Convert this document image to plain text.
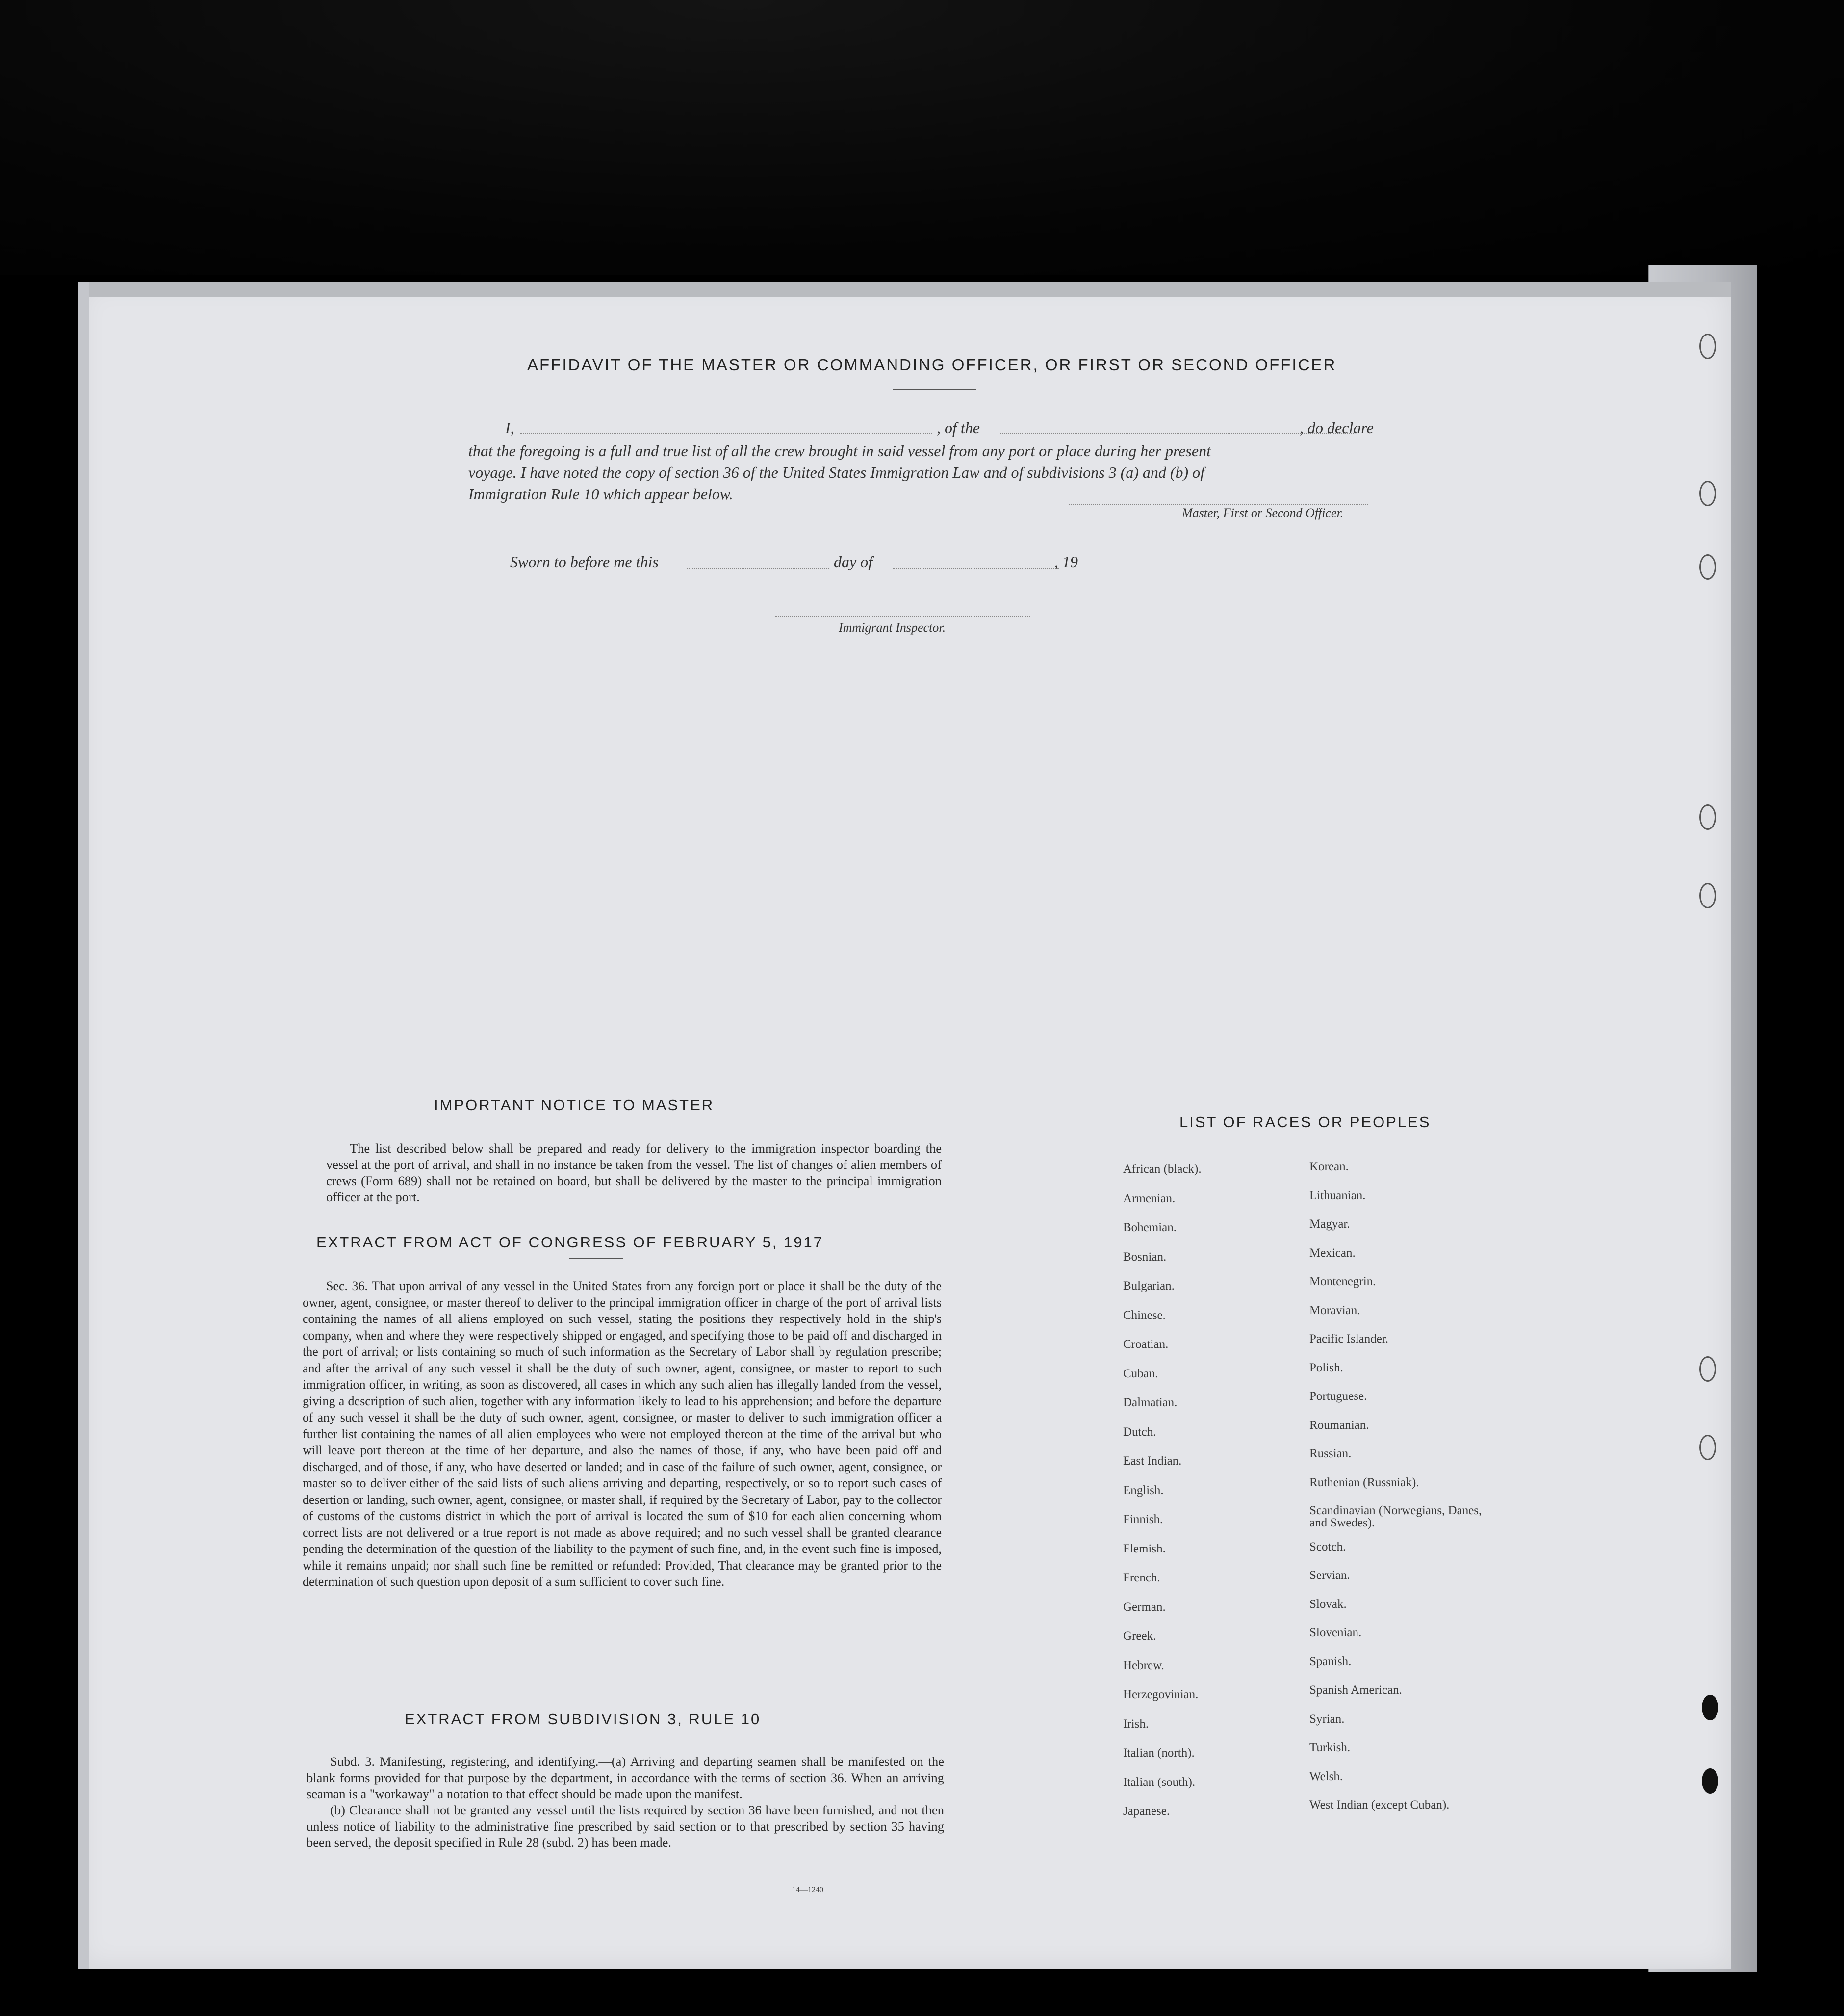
AFFIDAVIT OF THE MASTER OR COMMANDING OFFICER, OR FIRST OR SECOND OFFICER
I,	, of the	, do declare
that the foregoing is a full and true list of all the crew brought in said vessel from any port or place during her present
voyage. I have noted the copy of section 36 of the United States Immigration Law and of subdivisions 3 (a) and (b) of
Immigration Rule 10 which appear below.
Master, First or Second Officer.
Sworn to before me this	day of	, 19
Immigrant Inspector.
IMPORTANT NOTICE TO MASTER

The list described below shall be prepared and ready for delivery to the immigration inspector boarding the vessel at the port of arrival, and shall in no instance be taken from the vessel. The list of changes of alien members of crews (Form 689) shall not be retained on board, but shall be delivered by the master to the principal immigration officer at the port.

EXTRACT FROM ACT OF CONGRESS OF FEBRUARY 5, 1917

Sec. 36. That upon arrival of any vessel in the United States from any foreign port or place it shall be the duty of the owner, agent, consignee, or master thereof to deliver to the principal immigration officer in charge of the port of arrival lists containing the names of all aliens employed on such vessel, stating the positions they respectively hold in the ship's company, when and where they were respectively shipped or engaged, and specifying those to be paid off and discharged in the port of arrival; or lists containing so much of such information as the Secretary of Labor shall by regulation prescribe; and after the arrival of any such vessel it shall be the duty of such owner, agent, consignee, or master to report to such immigration officer, in writing, as soon as discovered, all cases in which any such alien has illegally landed from the vessel, giving a description of such alien, together with any information likely to lead to his apprehension; and before the departure of any such vessel it shall be the duty of such owner, agent, consignee, or master to deliver to such immigration officer a further list containing the names of all alien employees who were not employed thereon at the time of the arrival but who will leave port thereon at the time of her departure, and also the names of those, if any, who have been paid off and discharged, and of those, if any, who have deserted or landed; and in case of the failure of such owner, agent, consignee, or master so to deliver either of the said lists of such aliens arriving and departing, respectively, or so to report such cases of desertion or landing, such owner, agent, consignee, or master shall, if required by the Secretary of Labor, pay to the collector of customs of the customs district in which the port of arrival is located the sum of $10 for each alien concerning whom correct lists are not delivered or a true report is not made as above required; and no such vessel shall be granted clearance pending the determination of the question of the liability to the payment of such fine, and, in the event such fine is imposed, while it remains unpaid; nor shall such fine be remitted or refunded: Provided, That clearance may be granted prior to the determination of such question upon deposit of a sum sufficient to cover such fine.

EXTRACT FROM SUBDIVISION 3, RULE 10

Subd. 3. Manifesting, registering, and identifying.—(a) Arriving and departing seamen shall be manifested on the blank forms provided for that purpose by the department, in accordance with the terms of section 36. When an arriving seaman is a "workaway" a notation to that effect should be made upon the manifest.

(b) Clearance shall not be granted any vessel until the lists required by section 36 have been furnished, and not then unless notice of liability to the administrative fine prescribed by said section or to that prescribed by section 35 having been served, the deposit specified in Rule 28 (subd. 2) has been made.

14—1240
LIST OF RACES OR PEOPLES
African (black).
Armenian.
Bohemian.
Bosnian.
Bulgarian.
Chinese.
Croatian.
Cuban.
Dalmatian.
Dutch.
East Indian.
English.
Finnish.
Flemish.
French.
German.
Greek.
Hebrew.
Herzegovinian.
Irish.
Italian (north).
Italian (south).
Japanese.
Korean.
Lithuanian.
Magyar.
Mexican.
Montenegrin.
Moravian.
Pacific Islander.
Polish.
Portuguese.
Roumanian.
Russian.
Ruthenian (Russniak).
Scandinavian (Norwegians, Danes, and Swedes).
Scotch.
Servian.
Slovak.
Slovenian.
Spanish.
Spanish American.
Syrian.
Turkish.
Welsh.
West Indian (except Cuban).
